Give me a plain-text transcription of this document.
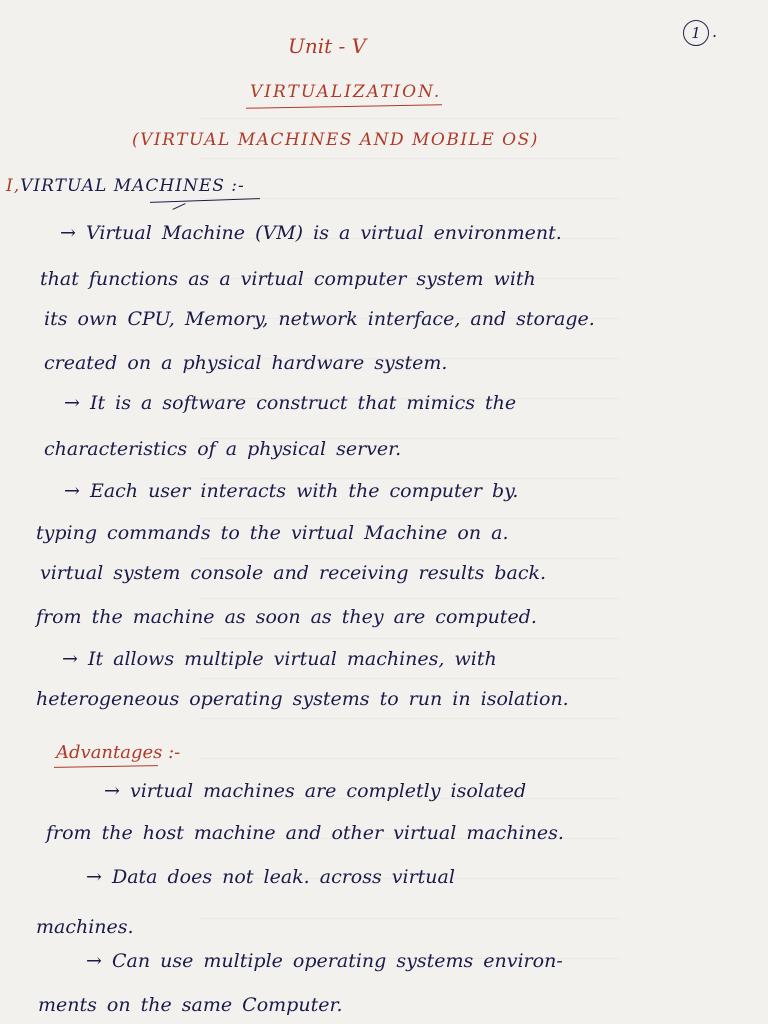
1 .
Unit - V
VIRTUALIZATION.
(VIRTUAL MACHINES AND MOBILE OS)
I,VIRTUAL MACHINES :-
→ Virtual Machine (VM) is a virtual environment.
that functions as a virtual computer system with
its own CPU, Memory, network interface, and storage.
created on a physical hardware system.
→ It is a software construct that mimics the
characteristics of a physical server.
→ Each user interacts with the computer by.
typing commands to the virtual Machine on a.
virtual system console and receiving results back.
from the machine as soon as they are computed.
→ It allows multiple virtual machines, with
heterogeneous operating systems to run in isolation.
Advantages :-
→ virtual machines are completly isolated
from the host machine and other virtual machines.
→ Data does not leak. across virtual
machines.
→ Can use multiple operating systems environ-
ments on the same Computer.
